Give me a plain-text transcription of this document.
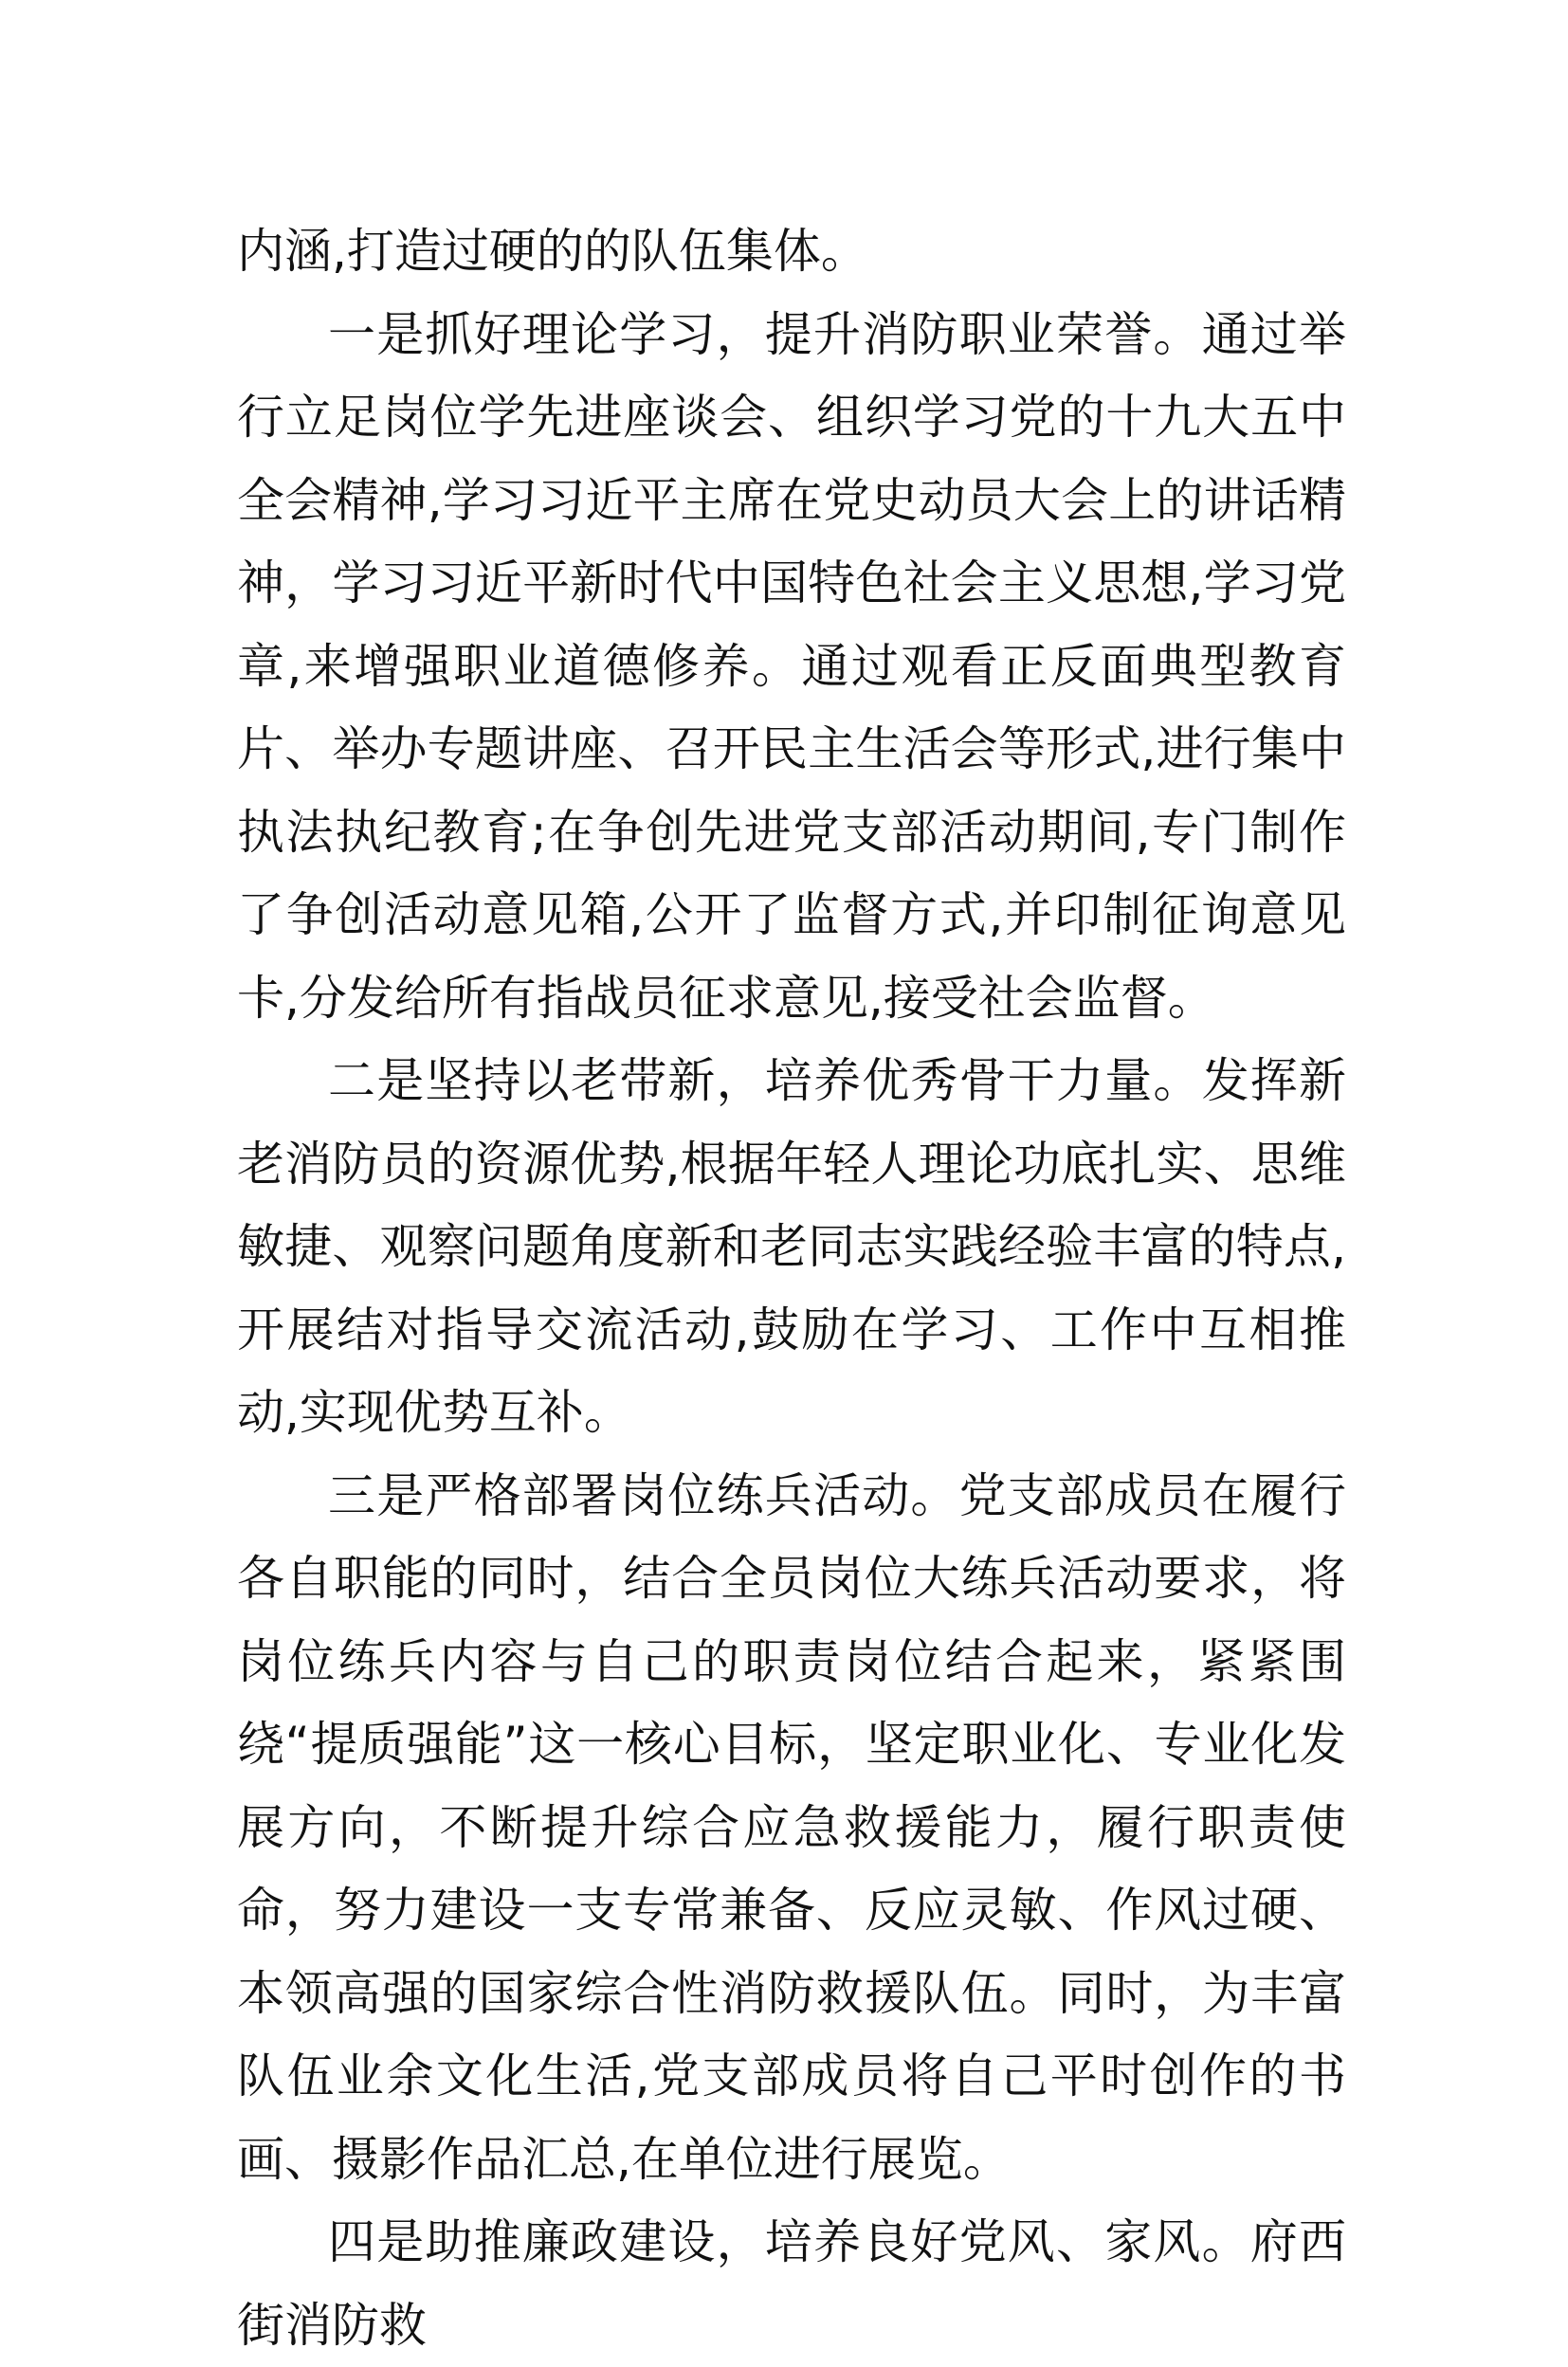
内涵,打造过硬的的队伍集体。

一是抓好理论学习，提升消防职业荣誉。通过举行立足岗位学先进座谈会、组织学习党的十九大五中全会精神,学习习近平主席在党史动员大会上的讲话精神，学习习近平新时代中国特色社会主义思想,学习党章,来增强职业道德修养。通过观看正反面典型教育片、举办专题讲座、召开民主生活会等形式,进行集中执法执纪教育;在争创先进党支部活动期间,专门制作了争创活动意见箱,公开了监督方式,并印制征询意见卡,分发给所有指战员征求意见,接受社会监督。

二是坚持以老带新，培养优秀骨干力量。发挥新老消防员的资源优势,根据年轻人理论功底扎实、思维敏捷、观察问题角度新和老同志实践经验丰富的特点,开展结对指导交流活动,鼓励在学习、工作中互相推动,实现优势互补。

三是严格部署岗位练兵活动。党支部成员在履行各自职能的同时，结合全员岗位大练兵活动要求，将岗位练兵内容与自己的职责岗位结合起来，紧紧围绕“提质强能”这一核心目标，坚定职业化、专业化发展方向，不断提升综合应急救援能力，履行职责使命，努力建设一支专常兼备、反应灵敏、作风过硬、本领高强的国家综合性消防救援队伍。同时，为丰富队伍业余文化生活,党支部成员将自己平时创作的书画、摄影作品汇总,在单位进行展览。

四是助推廉政建设，培养良好党风、家风。府西街消防救
